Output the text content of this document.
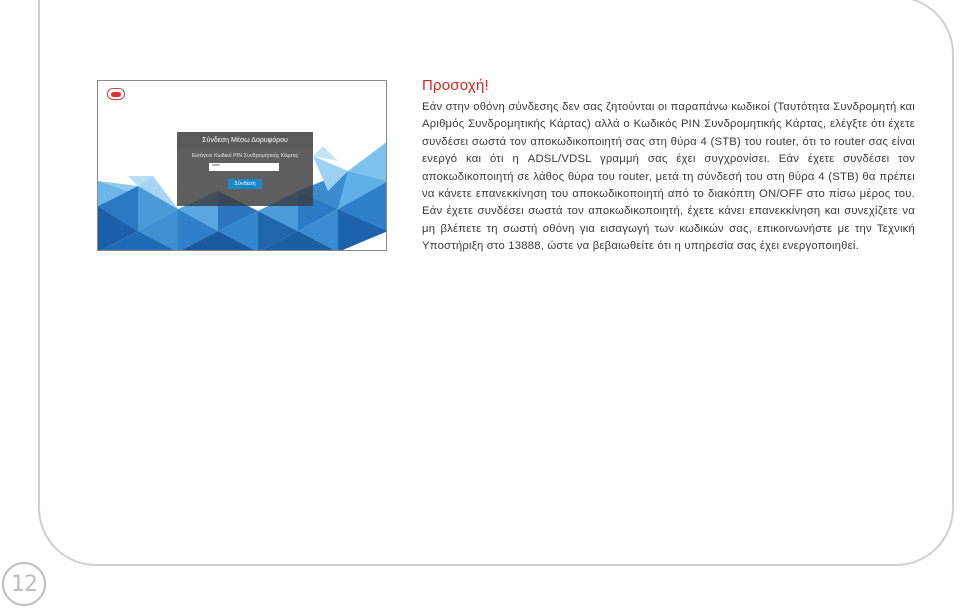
Σύνδεση Μέσω Δορυφόρου
Εισάγετε Κωδικό PIN Συνδρομητικής Κάρτας
****
Σύνδεση
Προσοχή!

Εάν στην οθόνη σύνδεσης δεν σας ζητούνται οι παραπάνω κωδικοί (Ταυτότητα Συνδρομητή και Αριθμός Συνδρομητικής Κάρτας) αλλά ο Κωδικός PIN Συνδρομητικής Κάρτας, ελέγξτε ότι έχετε συνδέσει σωστά τον αποκωδικοποιητή σας στη θύρα 4 (STB) του router, ότι το router σας είναι ενεργό και ότι η ADSL/VDSL γραμμή σας έχει συγχρονίσει. Εάν έχετε συνδέσει τον αποκωδικοποιητή σε λάθος θύρα του router, μετά τη σύνδεσή του στη θύρα 4 (STB) θα πρέπει να κάνετε επανεκκίνηση του αποκωδικοποιητή από το διακόπτη ON/OFF στο πίσω μέρος του. Εάν έχετε συνδέσει σωστά τον αποκωδικοποιητή, έχετε κάνει επανεκκίνηση και συνεχίζετε να μη βλέπετε τη σωστή οθόνη για εισαγωγή των κωδικών σας, επικοινωνήστε με την Τεχνική Υποστήριξη στο 13888, ώστε να βεβαιωθείτε ότι η υπηρεσία σας έχει ενεργοποιηθεί.

12
